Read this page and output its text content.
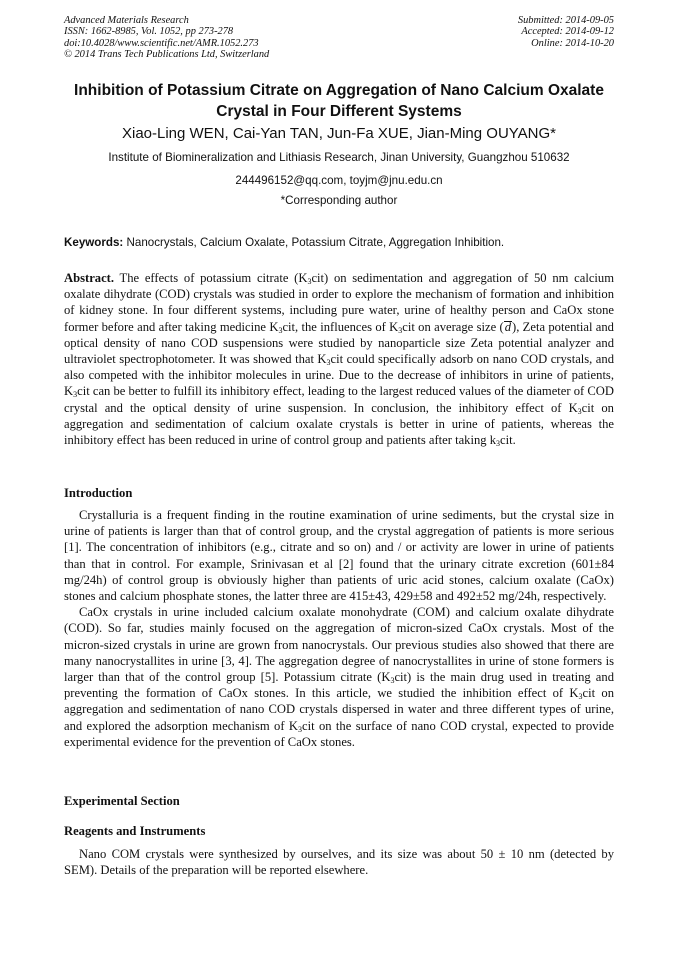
Advanced Materials Research
ISSN: 1662-8985, Vol. 1052, pp 273-278
doi:10.4028/www.scientific.net/AMR.1052.273
© 2014 Trans Tech Publications Ltd, Switzerland
Submitted: 2014-09-05
Accepted: 2014-09-12
Online: 2014-10-20
Inhibition of Potassium Citrate on Aggregation of Nano Calcium Oxalate
Crystal in Four Different Systems
Xiao-Ling WEN, Cai-Yan TAN, Jun-Fa XUE, Jian-Ming OUYANG*
Institute of Biomineralization and Lithiasis Research, Jinan University, Guangzhou 510632
244496152@qq.com, toyjm@jnu.edu.cn
*Corresponding author
Keywords: Nanocrystals, Calcium Oxalate, Potassium Citrate, Aggregation Inhibition.
Abstract. The effects of potassium citrate $(K_3cit)$ on sedimentation and aggregation of 50 nm calcium oxalate dihydrate (COD) crystals was studied in order to explore the mechanism of formation and inhibition of kidney stone. In four different systems, including pure water, urine of healthy person and CaOx stone former before and after taking medicine $K_3cit$, the influences of $K_3cit$ on average size (d), Zeta potential and optical density of nano COD suspensions were studied by nanoparticle size Zeta potential analyzer and ultraviolet spectrophotometer. It was showed that $K_3cit$ could specifically adsorb on nano COD crystals, and also competed with the inhibitor molecules in urine. Due to the decrease of inhibitors in urine of patients, $K_3cit$ can be better to fulfill its inhibitory effect, leading to the largest reduced values of the diameter of COD crystal and the optical density of urine suspension. In conclusion, the inhibitory effect of $K_3cit$ on aggregation and sedimentation of calcium oxalate crystals is better in urine of patients, whereas the inhibitory effect has been reduced in urine of control group and patients after taking $k_3cit$.
Introduction

Crystalluria is a frequent finding in the routine examination of urine sediments, but the crystal size in urine of patients is larger than that of control group, and the crystal aggregation of patients is more serious [1]. The concentration of inhibitors (e.g., citrate and so on) and / or activity are lower in urine of patients than that in control. For example, Srinivasan et al [2] found that the urinary citrate excretion (601±84 mg/24h) of control group is obviously higher than patients of uric acid stones, calcium oxalate (CaOx) stones and calcium phosphate stones, the latter three are 415±43, 429±58 and 492±52 mg/24h, respectively.

CaOx crystals in urine included calcium oxalate monohydrate (COM) and calcium oxalate dihydrate (COD). So far, studies mainly focused on the aggregation of micron-sized CaOx crystals. Most of the micron-sized crystals in urine are grown from nanocrystals. Our previous studies also showed that there are many nanocrystallites in urine [3, 4]. The aggregation degree of nanocrystallites in urine of stone formers is larger than that of the control group [5]. Potassium citrate $(K_3cit)$ is the main drug used in treating and preventing the formation of CaOx stones. In this article, we studied the inhibition effect of $K_3cit$ on aggregation and sedimentation of nano COD crystals dispersed in water and three different types of urine, and explored the adsorption mechanism of $K_3cit$ on the surface of nano COD crystal, expected to provide experimental evidence for the prevention of CaOx stones.

Experimental Section
Reagents and Instruments

Nano COM crystals were synthesized by ourselves, and its size was about 50 ± 10 nm (detected by SEM). Details of the preparation will be reported elsewhere.
